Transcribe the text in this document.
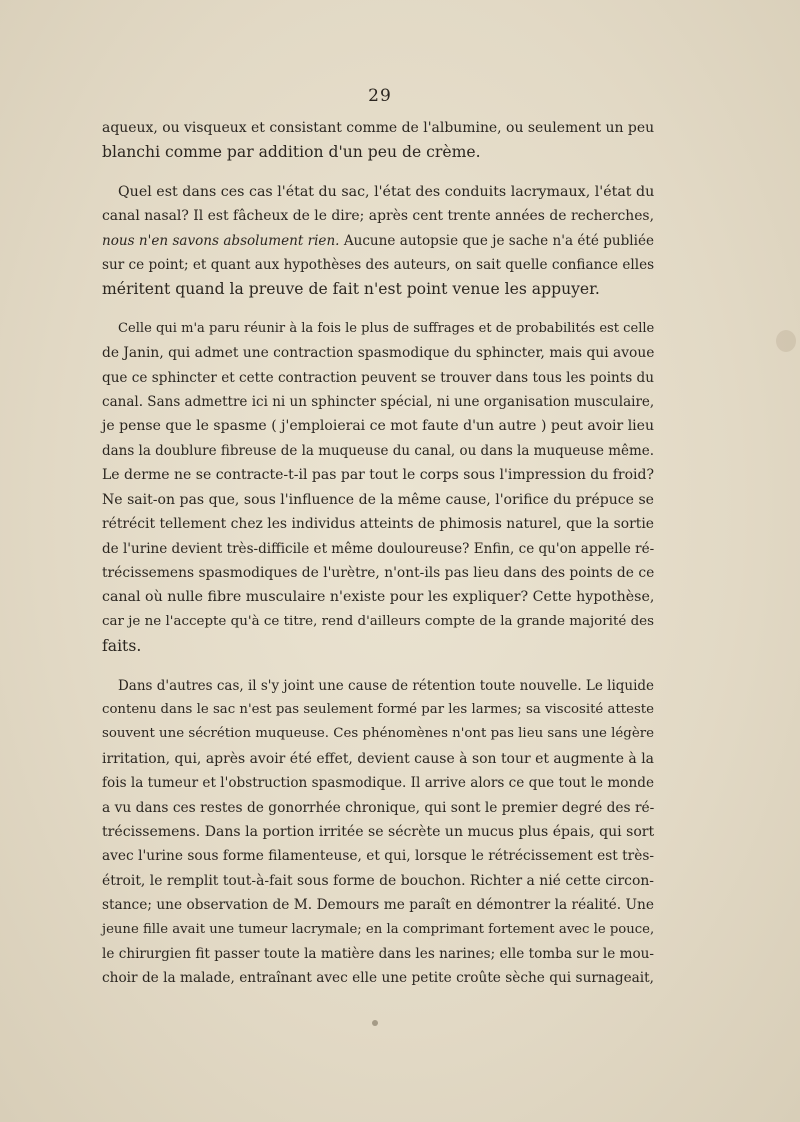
29
aqueux, ou visqueux et consistant comme de l'albumine, ou seulement un peu
blanchi comme par addition d'un peu de crème.
Quel est dans ces cas l'état du sac, l'état des conduits lacrymaux, l'état du
canal nasal? Il est fâcheux de le dire; après cent trente années de recherches,
nous n'en savons absolument rien. Aucune autopsie que je sache n'a été publiée
sur ce point; et quant aux hypothèses des auteurs, on sait quelle confiance elles
méritent quand la preuve de fait n'est point venue les appuyer.
Celle qui m'a paru réunir à la fois le plus de suffrages et de probabilités est celle
de Janin, qui admet une contraction spasmodique du sphincter, mais qui avoue
que ce sphincter et cette contraction peuvent se trouver dans tous les points du
canal. Sans admettre ici ni un sphincter spécial, ni une organisation musculaire,
je pense que le spasme ( j'emploierai ce mot faute d'un autre ) peut avoir lieu
dans la doublure fibreuse de la muqueuse du canal, ou dans la muqueuse même.
Le derme ne se contracte-t-il pas par tout le corps sous l'impression du froid?
Ne sait-on pas que, sous l'influence de la même cause, l'orifice du prépuce se
rétrécit tellement chez les individus atteints de phimosis naturel, que la sortie
de l'urine devient très-difficile et même douloureuse? Enfin, ce qu'on appelle ré-
trécissemens spasmodiques de l'urètre, n'ont-ils pas lieu dans des points de ce
canal où nulle fibre musculaire n'existe pour les expliquer? Cette hypothèse,
car je ne l'accepte qu'à ce titre, rend d'ailleurs compte de la grande majorité des
faits.
Dans d'autres cas, il s'y joint une cause de rétention toute nouvelle. Le liquide
contenu dans le sac n'est pas seulement formé par les larmes; sa viscosité atteste
souvent une sécrétion muqueuse. Ces phénomènes n'ont pas lieu sans une légère
irritation, qui, après avoir été effet, devient cause à son tour et augmente à la
fois la tumeur et l'obstruction spasmodique. Il arrive alors ce que tout le monde
a vu dans ces restes de gonorrhée chronique, qui sont le premier degré des ré-
trécissemens. Dans la portion irritée se sécrète un mucus plus épais, qui sort
avec l'urine sous forme filamenteuse, et qui, lorsque le rétrécissement est très-
étroit, le remplit tout-à-fait sous forme de bouchon. Richter a nié cette circon-
stance; une observation de M. Demours me paraît en démontrer la réalité. Une
jeune fille avait une tumeur lacrymale; en la comprimant fortement avec le pouce,
le chirurgien fit passer toute la matière dans les narines; elle tomba sur le mou-
choir de la malade, entraînant avec elle une petite croûte sèche qui surnageait,
